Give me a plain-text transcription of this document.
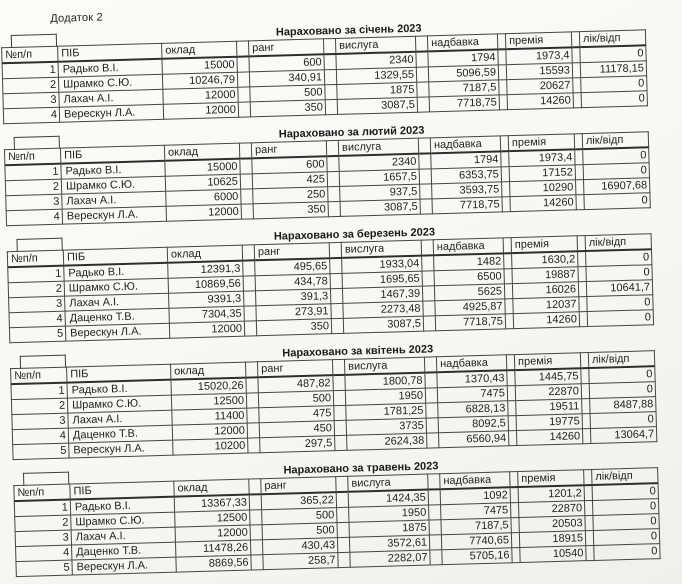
Додаток 2
Нараховано за січень 2023
№п/п	ПІБ	оклад		ранг		вислуга		надбавка		премія		лік/відп
1	Радько В.І.	15000		600		2340		1794		1973,4		0
2	Шрамко С.Ю.	10246,79		340,91		1329,55		5096,59		15593		11178,15
3	Лахач А.І.	12000		500		1875		7187,5		20627		0
4	Верескун Л.А.	12000		350		3087,5		7718,75		14260		0
Нараховано за лютий 2023
№п/п	ПІБ	оклад		ранг		вислуга		надбавка		премія		лік/відп
1	Радько В.І.	15000		600		2340		1794		1973,4		0
2	Шрамко С.Ю.	10625		425		1657,5		6353,75		17152		0
3	Лахач А.І.	6000		250		937,5		3593,75		10290		16907,68
4	Верескун Л.А.	12000		350		3087,5		7718,75		14260		0
Нараховано за березень 2023
№п/п	ПІБ	оклад		ранг		вислуга		надбавка		премія		лік/відп
1	Радько В.І.	12391,3		495,65		1933,04		1482		1630,2		0
2	Шрамко С.Ю.	10869,56		434,78		1695,65		6500		19887		0
3	Лахач А.І.	9391,3		391,3		1467,39		5625		16026		10641,7
4	Даценко Т.В.	7304,35		273,91		2273,48		4925,87		12037		0
5	Верескун Л.А.	12000		350		3087,5		7718,75		14260		0
Нараховано за квітень 2023
№п/п	ПІБ	оклад		ранг		вислуга		надбавка		премія		лік/відп
1	Радько В.І.	15020,26		487,82		1800,78		1370,43		1445,75		0
2	Шрамко С.Ю.	12500		500		1950		7475		22870		0
3	Лахач А.І.	11400		475		1781,25		6828,13		19511		8487,88
4	Даценко Т.В.	12000		450		3735		8092,5		19775		0
5	Верескун Л.А.	10200		297,5		2624,38		6560,94		14260		13064,7
Нараховано за травень 2023
№п/п	ПІБ	оклад		ранг		вислуга		надбавка		премія		лік/відп
1	Радько В.І.	13367,33		365,22		1424,35		1092		1201,2		0
2	Шрамко С.Ю.	12500		500		1950		7475		22870		0
3	Лахач А.І.	12000		500		1875		7187,5		20503		0
4	Даценко Т.В.	11478,26		430,43		3572,61		7740,65		18915		0
5	Верескун Л.А.	8869,56		258,7		2282,07		5705,16		10540		0
